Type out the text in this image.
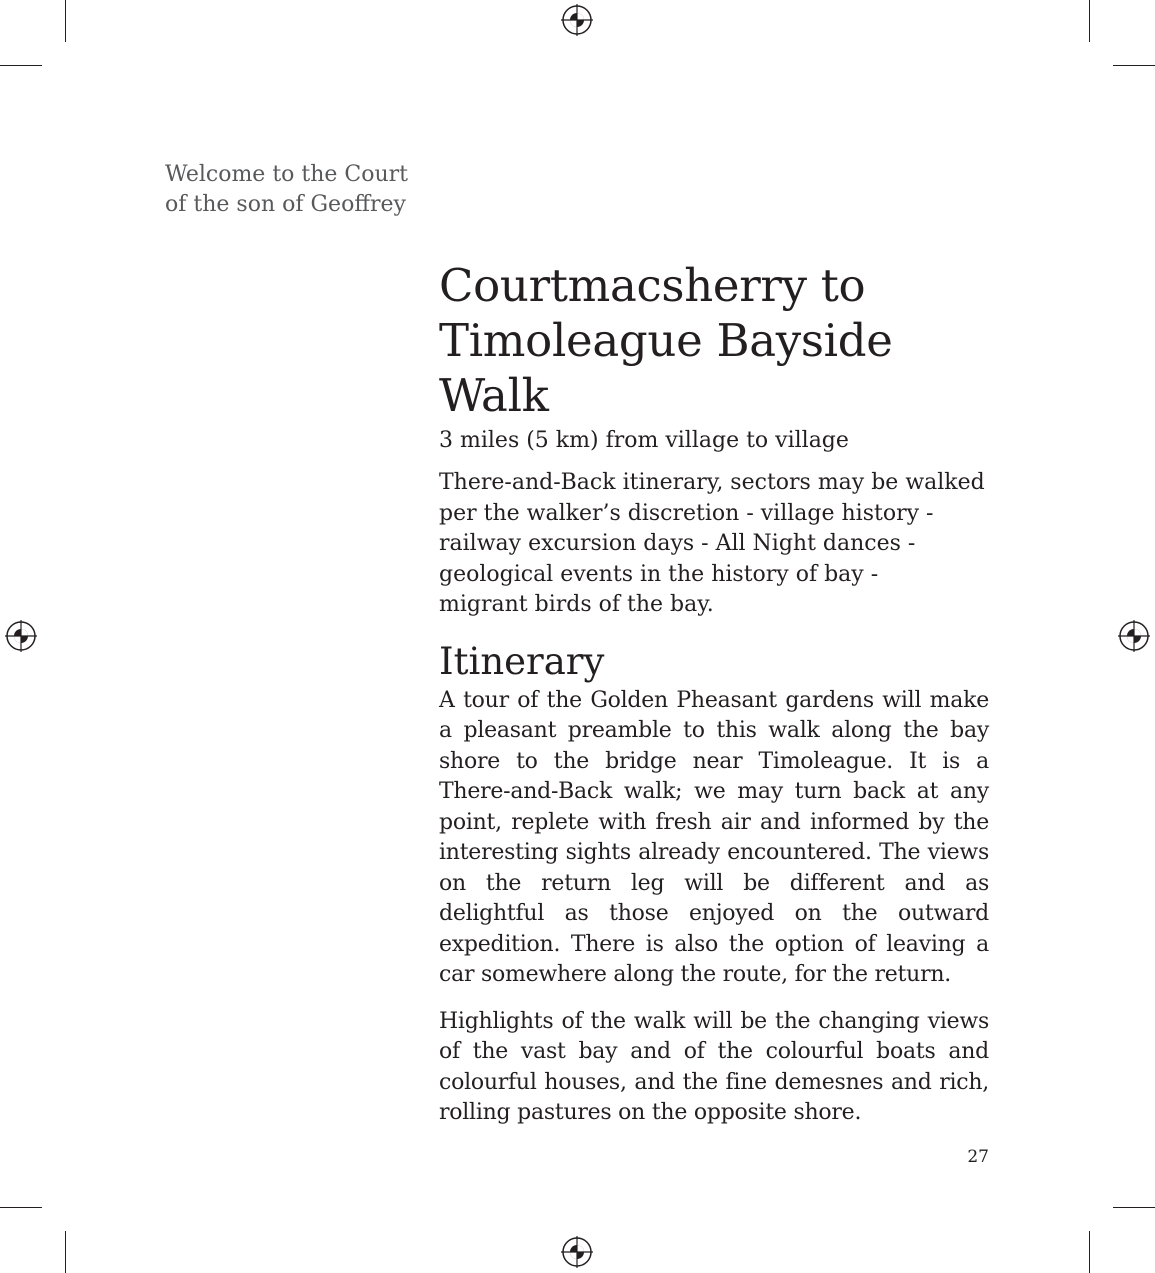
Welcome to the Court of the son of Geoffrey

Courtmacsherry to
Timoleague Bayside Walk

3 miles (5 km) from village to village

There-and-Back itinerary, sectors may be walked
per the walker’s discretion - village history -
railway excursion days - All Night dances -
geological events in the history of bay -
migrant birds of the bay.

Itinerary

A tour of the Golden Pheasant gardens will make a pleasant preamble to this walk along the bay shore to the bridge near Timoleague. It is a There-and-Back walk; we may turn back at any point, replete with fresh air and informed by the interesting sights already encountered. The views on the return leg will be different and as delightful as those enjoyed on the outward expedition. There is also the option of leaving a car somewhere along the route, for the return.

Highlights of the walk will be the changing views of the vast bay and of the colourful boats and colourful houses, and the fine demesnes and rich, rolling pastures on the opposite shore.

27
